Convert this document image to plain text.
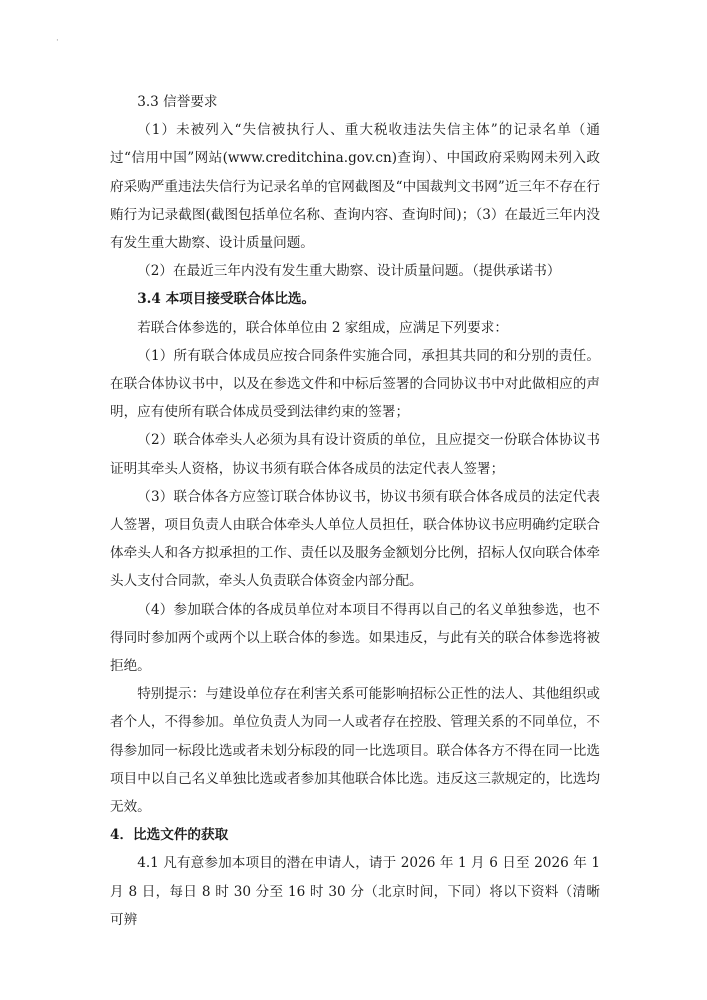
·

3.3 信誉要求

（1）未被列入“失信被执行人、重大税收违法失信主体”的记录名单（通过“信用中国”网站(www.creditchina.gov.cn)查询）、中国政府采购网未列入政府采购严重违法失信行为记录名单的官网截图及“中国裁判文书网”近三年不存在行贿行为记录截图(截图包括单位名称、查询内容、查询时间)；（3）在最近三年内没有发生重大勘察、设计质量问题。

（2）在最近三年内没有发生重大勘察、设计质量问题。（提供承诺书）

3.4 本项目接受联合体比选。

若联合体参选的，联合体单位由 2 家组成，应满足下列要求：

（1）所有联合体成员应按合同条件实施合同，承担其共同的和分别的责任。在联合体协议书中，以及在参选文件和中标后签署的合同协议书中对此做相应的声明，应有使所有联合体成员受到法律约束的签署；

（2）联合体牵头人必须为具有设计资质的单位，且应提交一份联合体协议书证明其牵头人资格，协议书须有联合体各成员的法定代表人签署；

（3）联合体各方应签订联合体协议书，协议书须有联合体各成员的法定代表人签署，项目负责人由联合体牵头人单位人员担任，联合体协议书应明确约定联合体牵头人和各方拟承担的工作、责任以及服务金额划分比例，招标人仅向联合体牵头人支付合同款，牵头人负责联合体资金内部分配。

（4）参加联合体的各成员单位对本项目不得再以自己的名义单独参选，也不得同时参加两个或两个以上联合体的参选。如果违反，与此有关的联合体参选将被拒绝。

特别提示：与建设单位存在利害关系可能影响招标公正性的法人、其他组织或者个人，不得参加。单位负责人为同一人或者存在控股、管理关系的不同单位，不得参加同一标段比选或者未划分标段的同一比选项目。联合体各方不得在同一比选项目中以自己名义单独比选或者参加其他联合体比选。违反这三款规定的，比选均无效。

4．比选文件的获取

4.1 凡有意参加本项目的潜在申请人，请于 2026 年 1 月 6 日至 2026 年 1 月 8 日，每日 8 时 30 分至 16 时 30 分（北京时间，下同）将以下资料（清晰可辨
